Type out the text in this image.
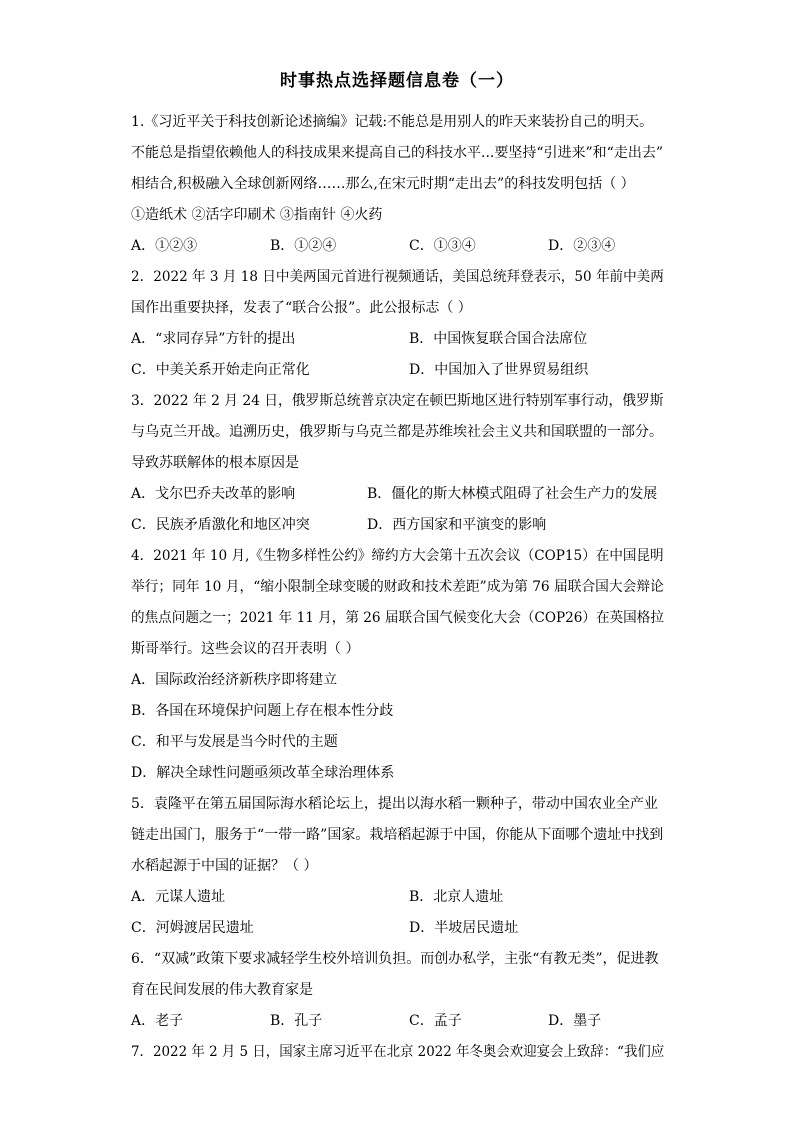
时事热点选择题信息卷（一）
1.《习近平关于科技创新论述摘编》记载:不能总是用别人的昨天来装扮自己的明天。
不能总是指望依赖他人的科技成果来提高自己的科技水平...要坚持“引进来”和“走出去”
相结合,积极融入全球创新网络……那么,在宋元时期“走出去”的科技发明包括（ ）
①造纸术 ②活字印刷术 ③指南针 ④火药
A．①②③	B．①②④	C．①③④	D．②③④
2．2022 年 3 月 18 日中美两国元首进行视频通话，美国总统拜登表示，50 年前中美两
国作出重要抉择，发表了“联合公报”。此公报标志（ ）
A．“求同存异”方针的提出	B．中国恢复联合国合法席位
C．中美关系开始走向正常化	D．中国加入了世界贸易组织
3．2022 年 2 月 24 日，俄罗斯总统普京决定在顿巴斯地区进行特别军事行动，俄罗斯
与乌克兰开战。追溯历史，俄罗斯与乌克兰都是苏维埃社会主义共和国联盟的一部分。
导致苏联解体的根本原因是
A．戈尔巴乔夫改革的影响	B．僵化的斯大林模式阻碍了社会生产力的发展
C．民族矛盾激化和地区冲突	D．西方国家和平演变的影响
4．2021 年 10 月,《生物多样性公约》缔约方大会第十五次会议（COP15）在中国昆明
举行；同年 10 月，“缩小限制全球变暖的财政和技术差距”成为第 76 届联合国大会辩论
的焦点问题之一；2021 年 11 月，第 26 届联合国气候变化大会（COP26）在英国格拉
斯哥举行。这些会议的召开表明（ ）
A．国际政治经济新秩序即将建立
B．各国在环境保护问题上存在根本性分歧
C．和平与发展是当今时代的主题
D．解决全球性问题亟须改革全球治理体系
5．袁隆平在第五届国际海水稻论坛上，提出以海水稻一颗种子，带动中国农业全产业
链走出国门，服务于“一带一路”国家。栽培稻起源于中国，你能从下面哪个遗址中找到
水稻起源于中国的证据？（ ）
A．元谋人遗址	B．北京人遗址
C．河姆渡居民遗址	D．半坡居民遗址
6．“双减”政策下要求减轻学生校外培训负担。而创办私学，主张“有教无类”，促进教
育在民间发展的伟大教育家是
A．老子	B．孔子	C．孟子	D．墨子
7．2022 年 2 月 5 日，国家主席习近平在北京 2022 年冬奥会欢迎宴会上致辞：“我们应
